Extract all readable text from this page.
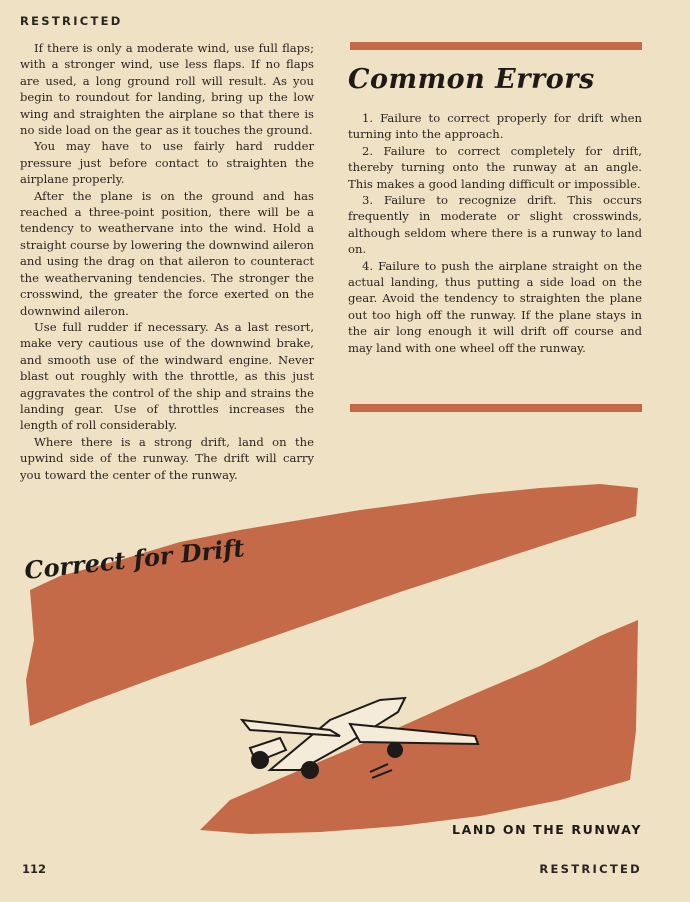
RESTRICTED

If there is only a moderate wind, use full flaps; with a stronger wind, use less flaps. If no flaps are used, a long ground roll will result. As you begin to roundout for landing, bring up the low wing and straighten the airplane so that there is no side load on the gear as it touches the ground.

You may have to use fairly hard rudder pressure just before contact to straighten the airplane properly.

After the plane is on the ground and has reached a three-point position, there will be a tendency to weathervane into the wind. Hold a straight course by lowering the downwind aileron and using the drag on that aileron to counteract the weathervaning tendencies. The stronger the crosswind, the greater the force exerted on the downwind aileron.

Use full rudder if necessary. As a last resort, make very cautious use of the downwind brake, and smooth use of the windward engine. Never blast out roughly with the throttle, as this just aggravates the control of the ship and strains the landing gear. Use of throttles increases the length of roll considerably.

Where there is a strong drift, land on the upwind side of the runway. The drift will carry you toward the center of the runway.

Common Errors

1. Failure to correct properly for drift when turning into the approach.

2. Failure to correct completely for drift, thereby turning onto the runway at an angle. This makes a good landing difficult or impossible.

3. Failure to recognize drift. This occurs frequently in moderate or slight crosswinds, although seldom where there is a runway to land on.

4. Failure to push the airplane straight on the actual landing, thus putting a side load on the gear. Avoid the tendency to straighten the plane out too high off the runway. If the plane stays in the air long enough it will drift off course and may land with one wheel off the runway.

Correct for Drift
LAND ON THE RUNWAY
112	RESTRICTED
